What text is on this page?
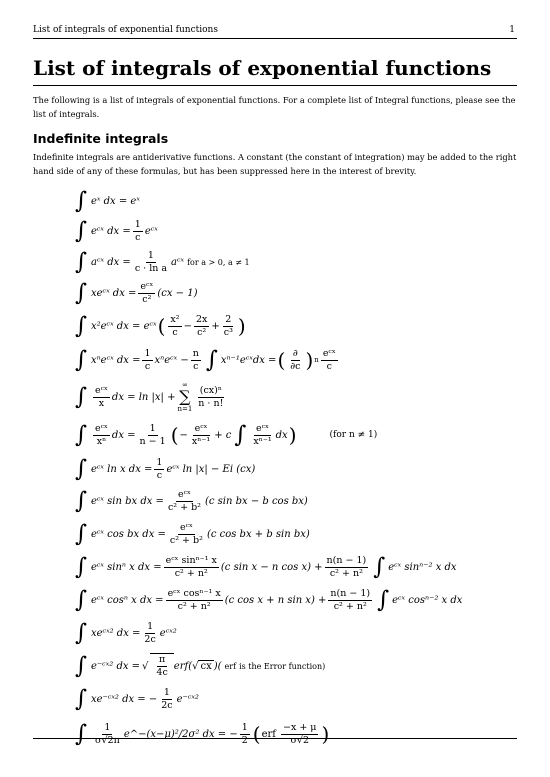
List of integrals of exponential functions	1
List of integrals of exponential functions

The following is a list of integrals of exponential functions. For a complete list of Integral functions, please see the list of integrals.

Indefinite integrals

Indefinite integrals are antiderivative functions. A constant (the constant of integration) may be added to the right hand side of any of these formulas, but has been suppressed here in the interest of brevity.

∫ eˣ dx = eˣ
∫ eᶜˣ dx = $\frac{1}{c}$ eᶜˣ
∫ aᶜˣ dx = $\frac{1}{\text{c · ln a}}$ aᶜˣ for a > 0, a ≠ 1
∫ xeᶜˣ dx = $\frac{\text{eᶜˣ}}{\text{c²}} (cx - 1)$
∫ x²eᶜˣ dx = eᶜˣ ( $\frac{\text{x²}}{c} - \frac{2x}{\text{c²}} + \frac{2}{\text{c³}}$ )
∫ xⁿeᶜˣ dx = $\frac{1}{c}$ xⁿeᶜˣ − $\frac{n}{c}$ ∫ xⁿ⁻¹eᶜˣdx = ( $\frac{\partial}{\partial c}$ ) n $\frac{\text{eᶜˣ}}{c}$
∫ $\frac{\text{eᶜˣ}}{x}$ dx = ln |x| +
∞
∑
$n=1 \frac{\text{(cx)ⁿ}}{n \cdot n!}$
∫ $\frac{\text{eᶜˣ}}{\text{xⁿ}}$ dx = $\frac{1}{n - 1}$ ( − $\frac{\text{eᶜˣ}}{\text{xⁿ⁻¹}} + c$ ∫ $\frac{\text{eᶜˣ}}{\text{xⁿ⁻¹}}$ dx )	(for n ≠ 1)
∫ eᶜˣ ln x dx = $\frac{1}{c}$ eᶜˣ ln |x| − Ei (cx)
∫ eᶜˣ sin bx dx = $\frac{\text{eᶜˣ}}{\text{c² + b²}} (c$ sin bx − b cos bx)
∫ eᶜˣ cos bx dx = $\frac{\text{eᶜˣ}}{\text{c² + b²}} (c$ cos bx + b sin bx)
∫ eᶜˣ sinⁿ x dx = $\frac{\text{eᶜˣ sinⁿ⁻¹ x}}{\text{c² + n²}} (c$ sin x − n $\cos x) + \frac{n(n - 1)}{\text{c² + n²}}$ ∫ eᶜˣ sinⁿ⁻² x dx
∫ eᶜˣ cosⁿ x dx = $\frac{\text{eᶜˣ cosⁿ⁻¹ x}}{\text{c² + n²}} (c$ cos x + n $\sin x) + \frac{n(n - 1)}{\text{c² + n²}}$ ∫ eᶜˣ cosⁿ⁻² x dx
∫ xeᶜˣ² dx = $\frac{1}{2c}$ eᶜˣ²
∫ e⁻ᶜˣ² dx = √ $\frac{\pi}{4c} erf$( √ cx )( erf is the Error function)
∫ xe⁻ᶜˣ² dx = − $\frac{1}{2c}$ e⁻ᶜˣ²
∫ $\frac{1}{\sigma√2\pi}$ e^−(x−μ)²/2σ² dx = − $\frac{1}{2}$ ( erf $\frac{-x + \mu}{\sigma√2}$ )
